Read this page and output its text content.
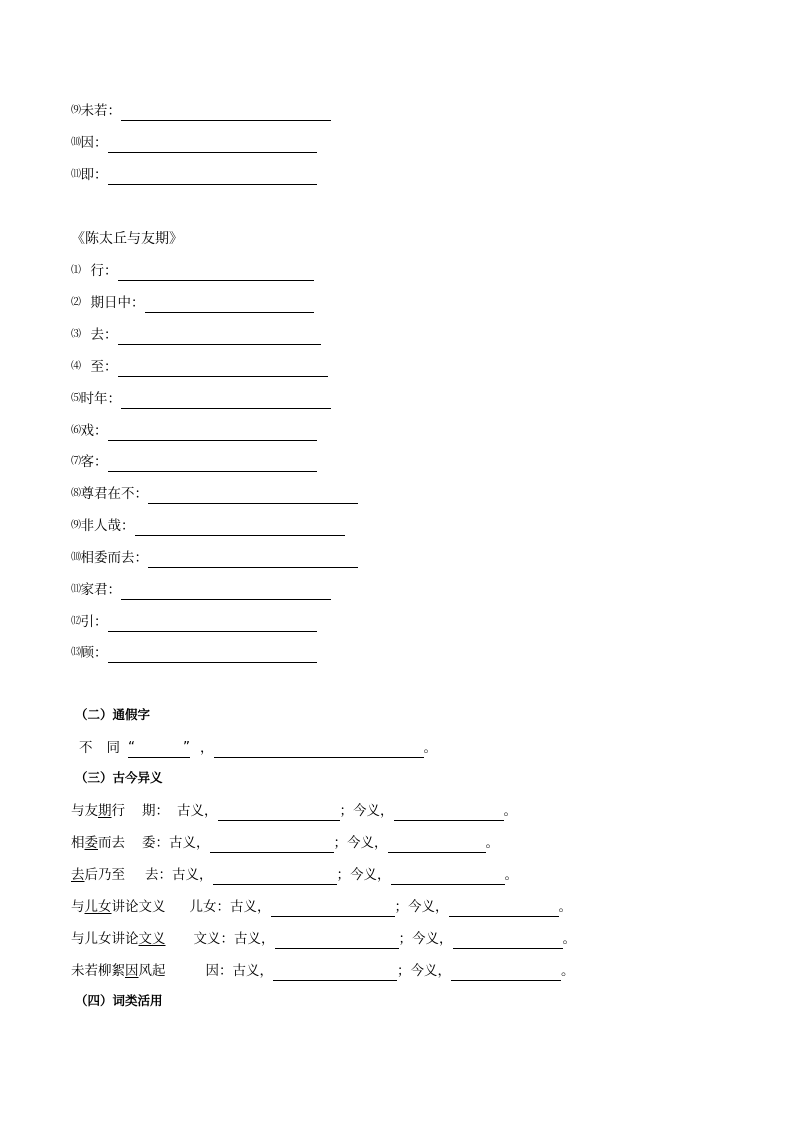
⑼ 未若：
⑽ 因：
⑾ 即：
《陈太丘与友期》
⑴ 行：
⑵ 期日中：
⑶ 去：
⑷ 至：
⑸ 时年：
⑹ 戏：
⑺ 客：
⑻ 尊君在不：
⑼ 非人哉：
⑽ 相委而去：
⑾ 家君：
⑿ 引：
⒀ 顾：
（二）通假字
不 同 “	” ，	。
（三）古今异义
与友 期 行 期： 古义，	；今义，	。
相 委 而去 委： 古义，	；今义，	。
去 后乃至 去： 古义，	；今义，	。
与 儿女 讲论文义 儿女： 古义，	；今义，	。
与儿女讲论 文义 文义： 古义，	；今义，	。
未若柳絮 因 风起	因： 古义，	；今义，	。
（四）词类活用
